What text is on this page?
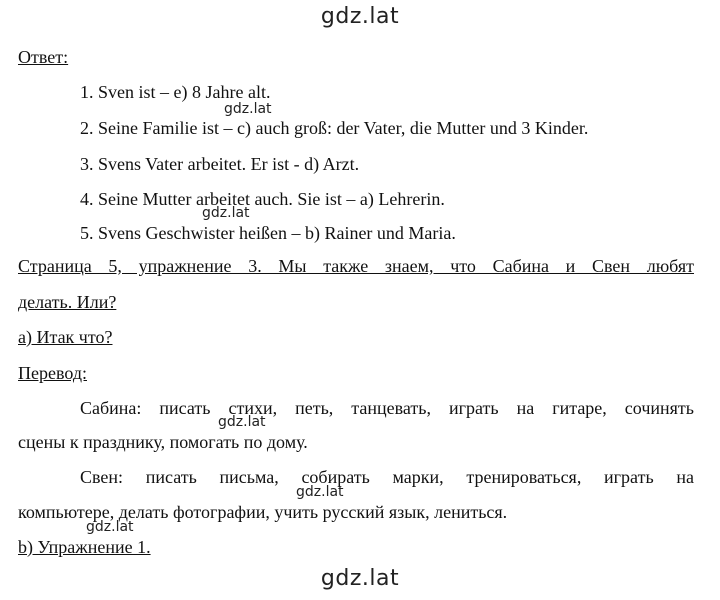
gdz.lat
Ответ:
1. Sven ist – e) 8 Jahre alt.
gdz.lat
2. Seine Familie ist – c) auch groß: der Vater, die Mutter und 3 Kinder.
3. Svens Vater arbeitet. Er ist - d) Arzt.
4. Seine Mutter arbeitet auch. Sie ist – a) Lehrerin.
gdz.lat
5. Svens Geschwister heißen – b) Rainer und Maria.
Страница 5, упражнение 3. Мы также знаем, что Сабина и Свен любят
делать. Или?
а) Итак что?
Перевод:
Сабина: писать стихи, петь, танцевать, играть на гитаре, сочинять
gdz.lat
сцены к празднику, помогать по дому.
Свен: писать письма, собирать марки, тренироваться, играть на
gdz.lat
компьютере, делать фотографии, учить русский язык, лениться.
gdz.lat
b) Упражнение 1.
gdz.lat
